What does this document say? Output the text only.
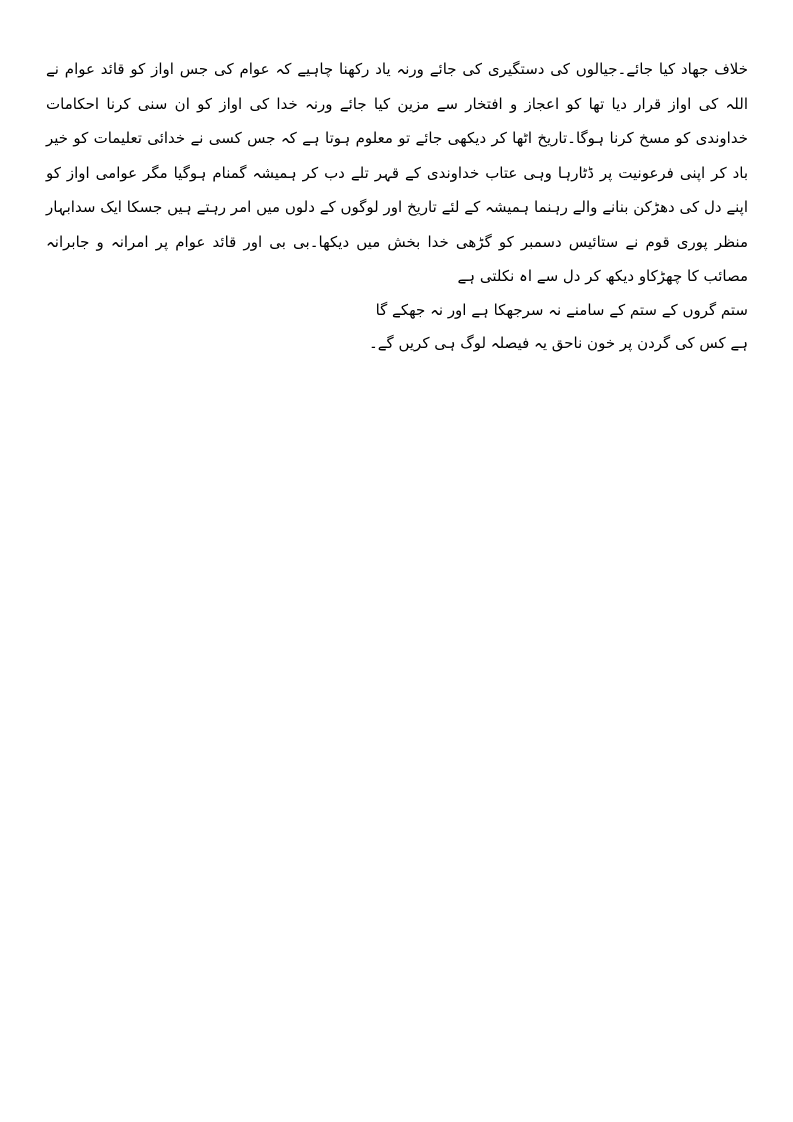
خلاف جهاد کیا جائے۔جیالوں کی دستگیری کی جائے ورنہ یاد رکھنا چاہیے کہ عوام کی جس اواز کو قائد عوام نے اللہ کی اواز قرار دیا تھا کو اعجاز و افتخار سے مزین کیا جائے ورنہ خدا کی اواز کو ان سنی کرنا احکامات خداوندی کو مسخ کرنا ہوگا۔تاریخ اٹھا کر دیکھی جائے تو معلوم ہوتا ہے کہ جس کسی نے خدائی تعلیمات کو خیر باد کر اپنی فرعونیت پر ڈٹارہا وہی عتاب خداوندی کے قہر تلے دب کر ہمیشہ گمنام ہوگیا مگر عوامی اواز کو اپنے دل کی دھڑکن بنانے والے رہنما ہمیشہ کے لئے تاریخ اور لوگوں کے دلوں میں امر رہتے ہیں جسکا ایک سدابہار منظر پوری قوم نے ستائیس دسمبر کو گڑھی خدا بخش میں دیکھا۔بی بی اور قائد عوام پر امرانہ و جابرانہ مصائب کا چھڑکاو دیکھ کر دل سے اہ نکلتی ہے

ستم گروں کے ستم کے سامنے نہ سرجھکا ہے اور نہ جھکے گا

ہے کس کی گردن پر خون ناحق یہ فیصلہ لوگ ہی کریں گے۔
